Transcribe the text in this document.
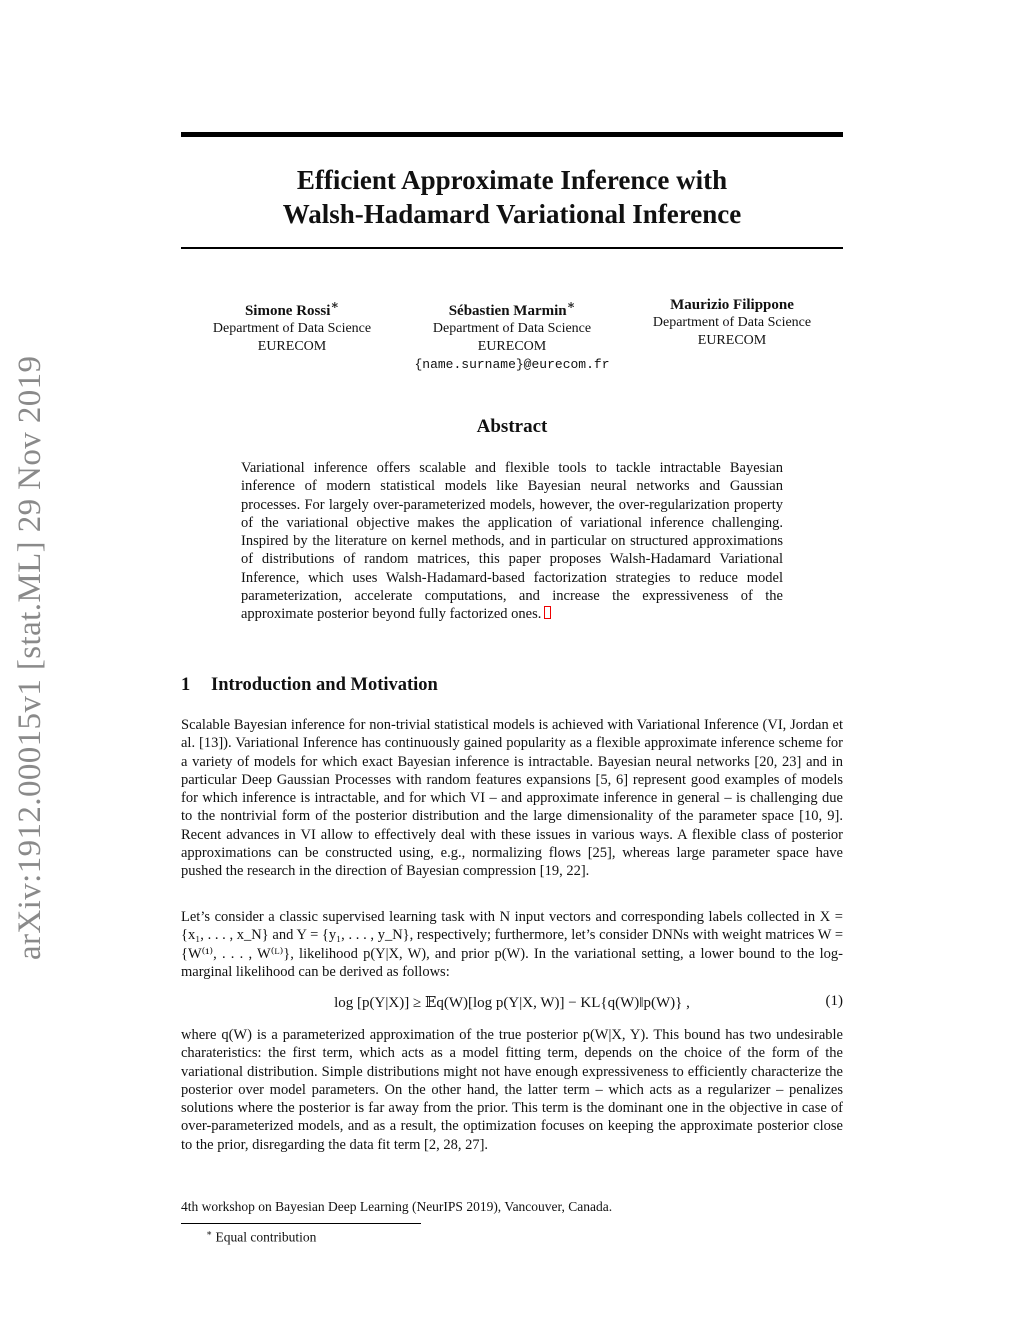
arXiv:1912.00015v1 [stat.ML] 29 Nov 2019
Efficient Approximate Inference with
Walsh-Hadamard Variational Inference
Simone Rossi∗
Department of Data Science
EURECOM
Sébastien Marmin∗
Department of Data Science
EURECOM
{name.surname}@eurecom.fr
Maurizio Filippone
Department of Data Science
EURECOM
Abstract
Variational inference offers scalable and flexible tools to tackle intractable Bayesian inference of modern statistical models like Bayesian neural networks and Gaussian processes. For largely over-parameterized models, however, the over-regularization property of the variational objective makes the application of variational inference challenging. Inspired by the literature on kernel methods, and in particular on structured approximations of distributions of random matrices, this paper proposes Walsh-Hadamard Variational Inference, which uses Walsh-Hadamard-based factorization strategies to reduce model parameterization, accelerate computations, and increase the expressiveness of the approximate posterior beyond fully factorized ones.
1 Introduction and Motivation
Scalable Bayesian inference for non-trivial statistical models is achieved with Variational Inference (VI, Jordan et al. [13]). Variational Inference has continuously gained popularity as a flexible approximate inference scheme for a variety of models for which exact Bayesian inference is intractable. Bayesian neural networks [20, 23] and in particular Deep Gaussian Processes with random features expansions [5, 6] represent good examples of models for which inference is intractable, and for which VI – and approximate inference in general – is challenging due to the nontrivial form of the posterior distribution and the large dimensionality of the parameter space [10, 9]. Recent advances in VI allow to effectively deal with these issues in various ways. A flexible class of posterior approximations can be constructed using, e.g., normalizing flows [25], whereas large parameter space have pushed the research in the direction of Bayesian compression [19, 22].
Let’s consider a classic supervised learning task with N input vectors and corresponding labels collected in X = {x₁, . . . , x_N} and Y = {y₁, . . . , y_N}, respectively; furthermore, let’s consider DNNs with weight matrices W = {W⁽¹⁾, . . . , W⁽ᴸ⁾}, likelihood p(Y|X, W), and prior p(W). In the variational setting, a lower bound to the log-marginal likelihood can be derived as follows:
log [p(Y|X)] ≥ 𝔼q(W)[log p(Y|X, W)] − KL{q(W)‖p(W)} ,	(1)
where q(W) is a parameterized approximation of the true posterior p(W|X, Y). This bound has two undesirable charateristics: the first term, which acts as a model fitting term, depends on the choice of the form of the variational distribution. Simple distributions might not have enough expressiveness to efficiently characterize the posterior over model parameters. On the other hand, the latter term – which acts as a regularizer – penalizes solutions where the posterior is far away from the prior. This term is the dominant one in the objective in case of over-parameterized models, and as a result, the optimization focuses on keeping the approximate posterior close to the prior, disregarding the data fit term [2, 28, 27].
4th workshop on Bayesian Deep Learning (NeurIPS 2019), Vancouver, Canada.
∗ Equal contribution
